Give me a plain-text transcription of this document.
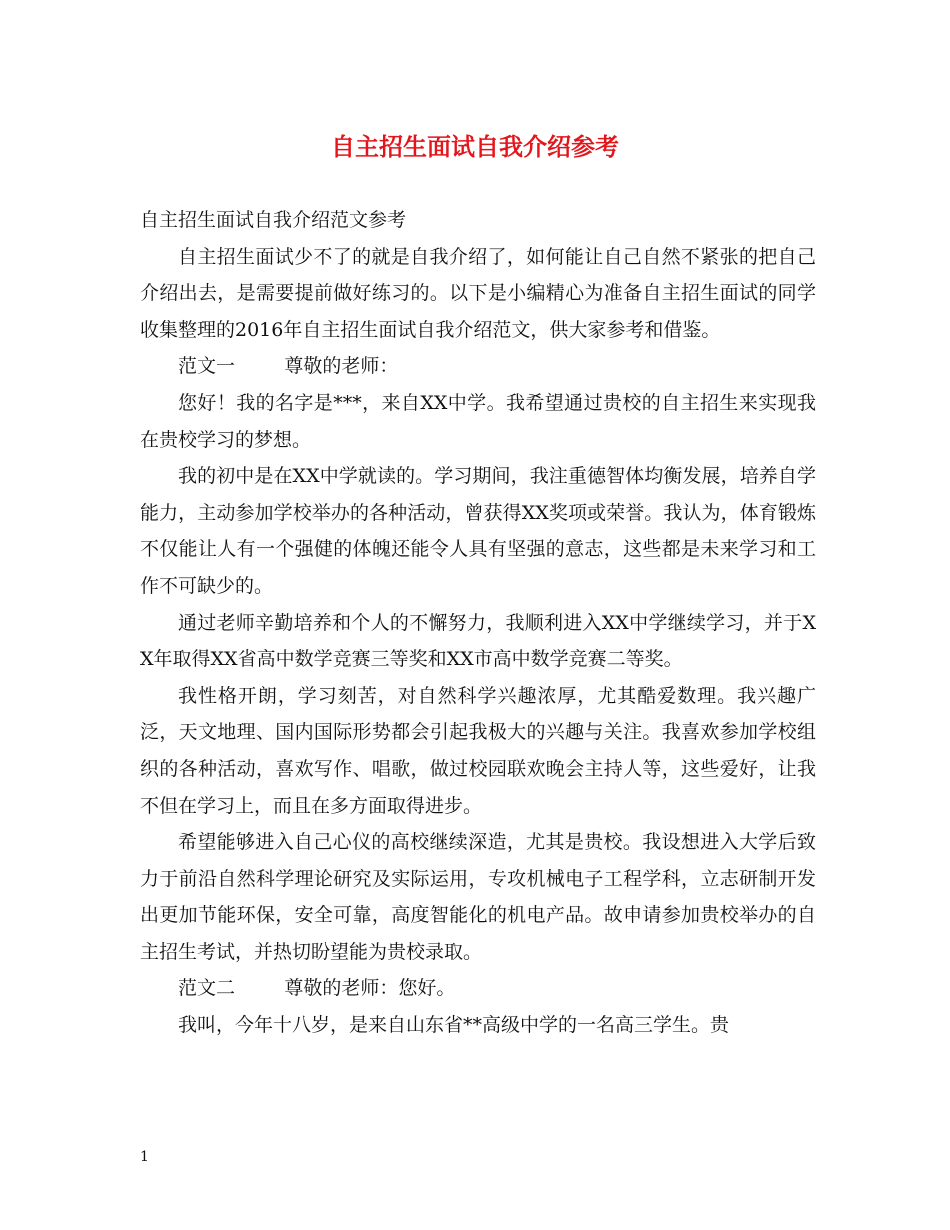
自主招生面试自我介绍参考

自主招生面试自我介绍范文参考

自主招生面试少不了的就是自我介绍了，如何能让自己自然不紧张的把自己介绍出去，是需要提前做好练习的。以下是小编精心为准备自主招生面试的同学收集整理的2016年自主招生面试自我介绍范文，供大家参考和借鉴。

范文一	尊敬的老师：

您好！我的名字是***，来自XX中学。我希望通过贵校的自主招生来实现我在贵校学习的梦想。

我的初中是在XX中学就读的。学习期间，我注重德智体均衡发展，培养自学能力，主动参加学校举办的各种活动，曾获得XX奖项或荣誉。我认为，体育锻炼不仅能让人有一个强健的体魄还能令人具有坚强的意志，这些都是未来学习和工作不可缺少的。

通过老师辛勤培养和个人的不懈努力，我顺利进入XX中学继续学习，并于XX年取得XX省高中数学竞赛三等奖和XX市高中数学竞赛二等奖。

我性格开朗，学习刻苦，对自然科学兴趣浓厚，尤其酷爱数理。我兴趣广泛，天文地理、国内国际形势都会引起我极大的兴趣与关注。我喜欢参加学校组织的各种活动，喜欢写作、唱歌，做过校园联欢晚会主持人等，这些爱好，让我不但在学习上，而且在多方面取得进步。

希望能够进入自己心仪的高校继续深造，尤其是贵校。我设想进入大学后致力于前沿自然科学理论研究及实际运用，专攻机械电子工程学科，立志研制开发出更加节能环保，安全可靠，高度智能化的机电产品。故申请参加贵校举办的自主招生考试，并热切盼望能为贵校录取。

范文二	尊敬的老师：您好。

我叫，今年十八岁，是来自山东省**高级中学的一名高三学生。贵

1
